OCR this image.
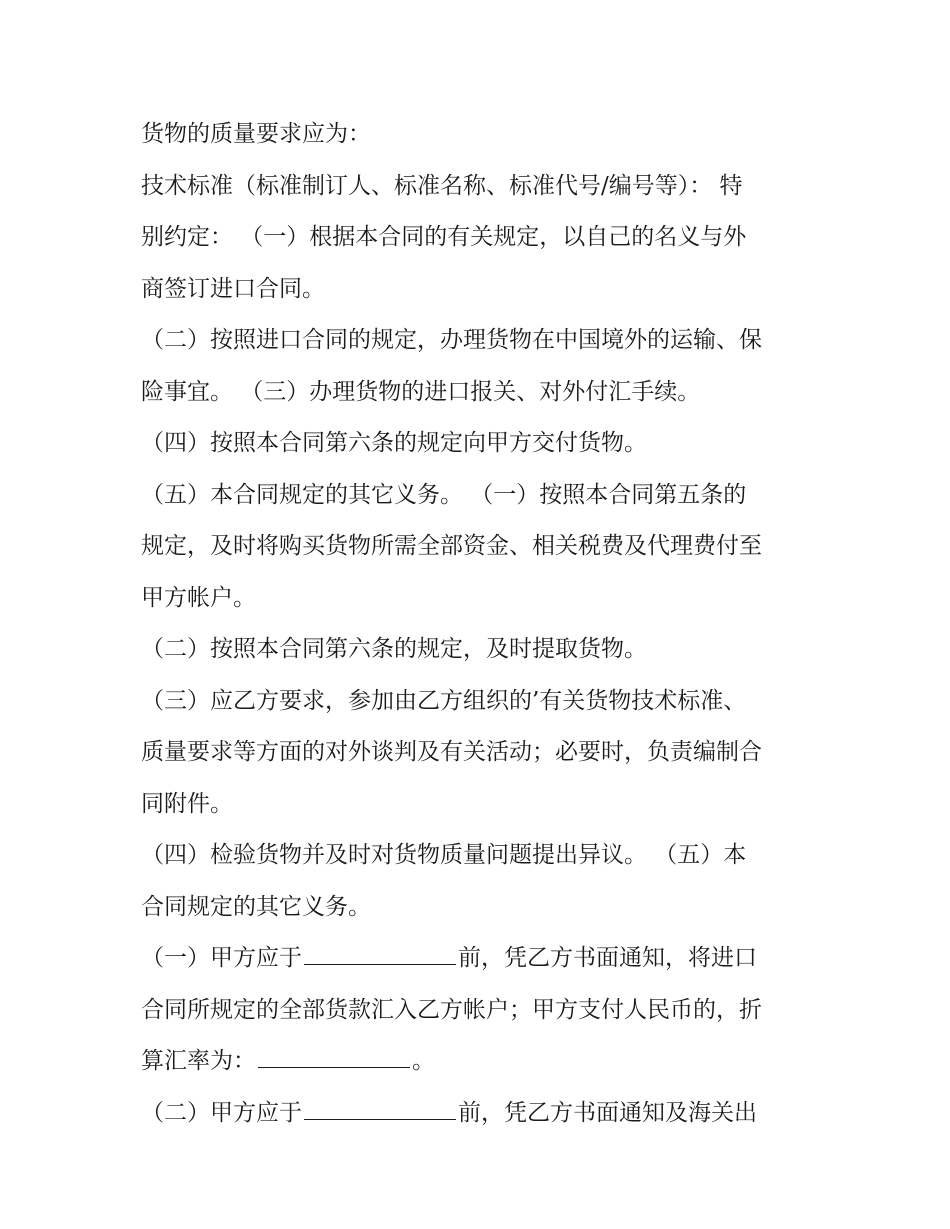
货物的质量要求应为：
技术标准（标准制订人、标准名称、标准代号/编号等）： 特
别约定： （一）根据本合同的有关规定，以自己的名义与外
商签订进口合同。
（二）按照进口合同的规定，办理货物在中国境外的运输、保
险事宜。 （三）办理货物的进口报关、对外付汇手续。
（四）按照本合同第六条的规定向甲方交付货物。
（五）本合同规定的其它义务。 （一）按照本合同第五条的
规定，及时将购买货物所需全部资金、相关税费及代理费付至
甲方帐户。
（二）按照本合同第六条的规定，及时提取货物。
（三）应乙方要求，参加由乙方组织的’有关货物技术标准、
质量要求等方面的对外谈判及有关活动；必要时，负责编制合
同附件。
（四）检验货物并及时对货物质量问题提出异议。 （五）本
合同规定的其它义务。
（一）甲方应于	前，凭乙方书面通知，将进口
合同所规定的全部货款汇入乙方帐户；甲方支付人民币的，折
算汇率为：	。
（二）甲方应于	前，凭乙方书面通知及海关出
